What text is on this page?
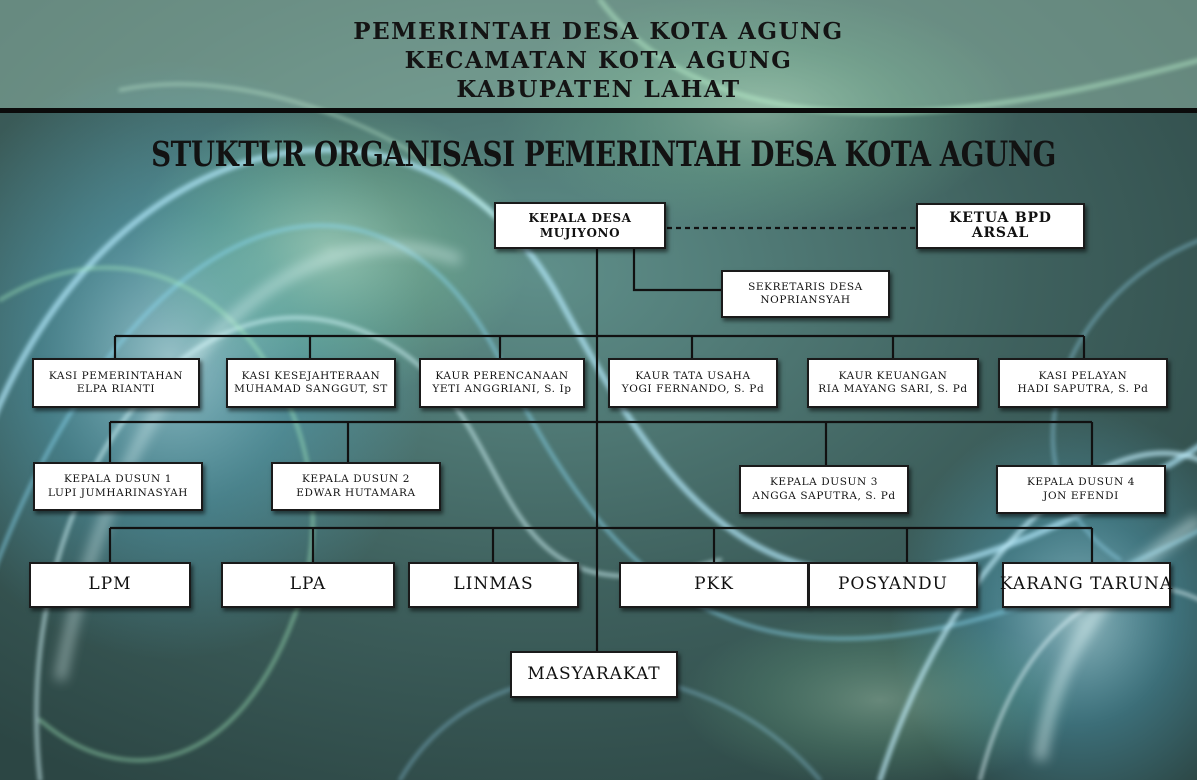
PEMERINTAH DESA KOTA AGUNG
KECAMATAN KOTA AGUNG
KABUPATEN LAHAT
STUKTUR ORGANISASI PEMERINTAH DESA KOTA AGUNG
KEPALA DESA
MUJIYONO
KETUA BPD
ARSAL
SEKRETARIS DESA
NOPRIANSYAH
KASI PEMERINTAHAN
ELPA RIANTI
KASI KESEJAHTERAAN
MUHAMAD SANGGUT, ST
KAUR PERENCANAAN
YETI ANGGRIANI, S. Ip
KAUR TATA USAHA
YOGI FERNANDO, S. Pd
KAUR KEUANGAN
RIA MAYANG SARI, S. Pd
KASI PELAYAN
HADI SAPUTRA, S. Pd
KEPALA DUSUN 1
LUPI JUMHARINASYAH
KEPALA DUSUN 2
EDWAR HUTAMARA
KEPALA DUSUN 3
ANGGA SAPUTRA, S. Pd
KEPALA DUSUN 4
JON EFENDI
LPM	LPA	LINMAS	PKK	POSYANDU	KARANG TARUNA
MASYARAKAT
